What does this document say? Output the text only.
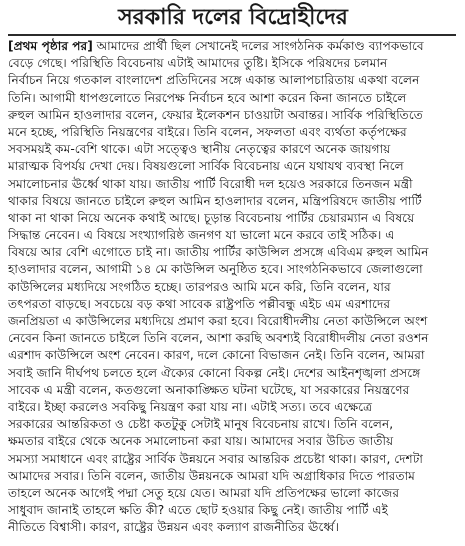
সরকারি দলের বিদ্রোহীদের
[প্রথম পৃষ্ঠার পর] আমাদের প্রার্থী ছিল সেখানেই দলের সাংগঠনিক কর্মকাণ্ড ব্যাপকভাবে
বেড়ে গেছে। পরিস্থিতি বিবেচনায় এটাই আমাদের তুষ্টি। ইসিকে পরিষদের চলমান
নির্বাচন নিয়ে গতকাল বাংলাদেশ প্রতিদিনের সঙ্গে একান্ত আলাপচারিতায় একথা বলেন
তিনি। আগামী ধাপগুলোতে নিরপেক্ষ নির্বাচন হবে আশা করেন কিনা জানতে চাইলে
রুহুল আমিন হাওলাদার বলেন, ফেয়ার ইলেকশন চাওয়াটা অবান্তর। সার্বিক পরিস্থিতিতে
মনে হচ্ছে, পরিস্থিতি নিয়ন্ত্রণের বাইরে। তিনি বলেন, সফলতা এবং ব্যর্থতা কর্তৃপক্ষের
সবসময়ই কম-বেশি থাকে। এটা সত্ত্বেও স্থানীয় নেতৃত্বের কারণে অনেক জায়গায়
মারাত্মক বিপর্যয় দেখা দেয়। বিষয়গুলো সার্বিক বিবেচনায় এনে যথাযথ ব্যবস্থা নিলে
সমালোচনার ঊর্ধ্বে থাকা যায়। জাতীয় পার্টি বিরোধী দল হয়েও সরকারে তিনজন মন্ত্রী
থাকার বিষয়ে জানতে চাইলে রুহুল আমিন হাওলাদার বলেন, মন্ত্রিপরিষদে জাতীয় পার্টি
থাকা না থাকা নিয়ে অনেক কথাই আছে। চূড়ান্ত বিবেচনায় পার্টির চেয়ারম্যান এ বিষয়ে
সিদ্ধান্ত নেবেন। এ বিষয়ে সংখ্যাগরিষ্ঠ জনগণ যা ভালো মনে করবে তাই সঠিক। এ
বিষয়ে আর বেশি এগোতে চাই না। জাতীয় পার্টির কাউন্সিল প্রসঙ্গে এবিএম রুহুল আমিন
হাওলাদার বলেন, আগামী ১৪ মে কাউন্সিল অনুষ্ঠিত হবে। সাংগঠনিকভাবে জেলাগুলো
কাউন্সিলের মধ্যদিয়ে সংগঠিত হচ্ছে। তারপরও আমি মনে করি, তিনি বলেন, যার
তৎপরতা বাড়ছে। সবচেয়ে বড় কথা সাবেক রাষ্ট্রপতি পল্লীবন্ধু এইচ এম এরশাদের
জনপ্রিয়তা এ কাউন্সিলের মধ্যদিয়ে প্রমাণ করা হবে। বিরোধীদলীয় নেতা কাউন্সিলে অংশ
নেবেন কিনা জানতে চাইলে তিনি বলেন, আশা করছি অবশ্যই বিরোধীদলীয় নেতা রওশন
এরশাদ কাউন্সিলে অংশ নেবেন। কারণ, দলে কোনো বিভাজন নেই। তিনি বলেন, আমরা
সবাই জানি দীর্ঘপথ চলতে হলে ঐক্যের কোনো বিকল্প নেই। দেশের আইনশৃঙ্খলা প্রসঙ্গে
সাবেক এ মন্ত্রী বলেন, কতগুলো অনাকাঙ্ক্ষিত ঘটনা ঘটেছে, যা সরকারের নিয়ন্ত্রণের
বাইরে। ইচ্ছা করলেও সবকিছু নিয়ন্ত্রণ করা যায় না। এটাই সত্য। তবে এক্ষেত্রে
সরকারের আন্তরিকতা ও চেষ্টা কতটুকু সেটাই মানুষ বিবেচনায় রাখে। তিনি বলেন,
ক্ষমতার বাইরে থেকে অনেক সমালোচনা করা যায়। আমাদের সবার উচিত জাতীয়
সমস্যা সমাধানে এবং রাষ্ট্রের সার্বিক উন্নয়নে সবার আন্তরিক প্রচেষ্টা থাকা। কারণ, দেশটা
আমাদের সবার। তিনি বলেন, জাতীয় উন্নয়নকে আমরা যদি অগ্রাধিকার দিতে পারতাম
তাহলে অনেক আগেই পদ্মা সেতু হয়ে যেত। আমরা যদি প্রতিপক্ষের ভালো কাজের
সাধুবাদ জানাই তাহলে ক্ষতি কী? এতে ছোট হওয়ার কিছু নেই। জাতীয় পার্টি এই
নীতিতে বিশ্বাসী। কারণ, রাষ্ট্রের উন্নয়ন এবং কল্যাণ রাজনীতির ঊর্ধ্বে।
